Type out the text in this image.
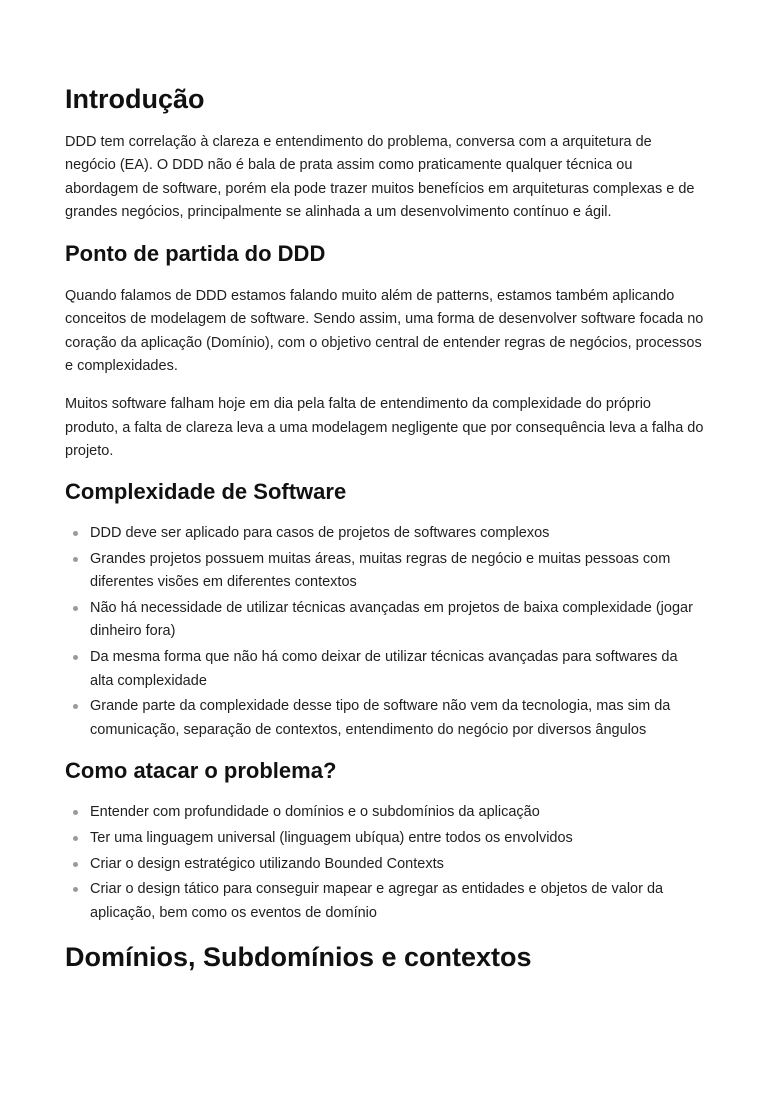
Introdução

DDD tem correlação à clareza e entendimento do problema, conversa com a arquitetura de negócio (EA). O DDD não é bala de prata assim como praticamente qualquer técnica ou abordagem de software, porém ela pode trazer muitos benefícios em arquiteturas complexas e de grandes negócios, principalmente se alinhada a um desenvolvimento contínuo e ágil.

Ponto de partida do DDD

Quando falamos de DDD estamos falando muito além de patterns, estamos também aplicando conceitos de modelagem de software. Sendo assim, uma forma de desenvolver software focada no coração da aplicação (Domínio), com o objetivo central de entender regras de negócios, processos e complexidades.

Muitos software falham hoje em dia pela falta de entendimento da complexidade do próprio produto, a falta de clareza leva a uma modelagem negligente que por consequência leva a falha do projeto.

Complexidade de Software
DDD deve ser aplicado para casos de projetos de softwares complexos
Grandes projetos possuem muitas áreas, muitas regras de negócio e muitas pessoas com diferentes visões em diferentes contextos
Não há necessidade de utilizar técnicas avançadas em projetos de baixa complexidade (jogar dinheiro fora)
Da mesma forma que não há como deixar de utilizar técnicas avançadas para softwares da alta complexidade
Grande parte da complexidade desse tipo de software não vem da tecnologia, mas sim da comunicação, separação de contextos, entendimento do negócio por diversos ângulos
Como atacar o problema?
Entender com profundidade o domínios e o subdomínios da aplicação
Ter uma linguagem universal (linguagem ubíqua) entre todos os envolvidos
Criar o design estratégico utilizando Bounded Contexts
Criar o design tático para conseguir mapear e agregar as entidades e objetos de valor da aplicação, bem como os eventos de domínio
Domínios, Subdomínios e contextos
